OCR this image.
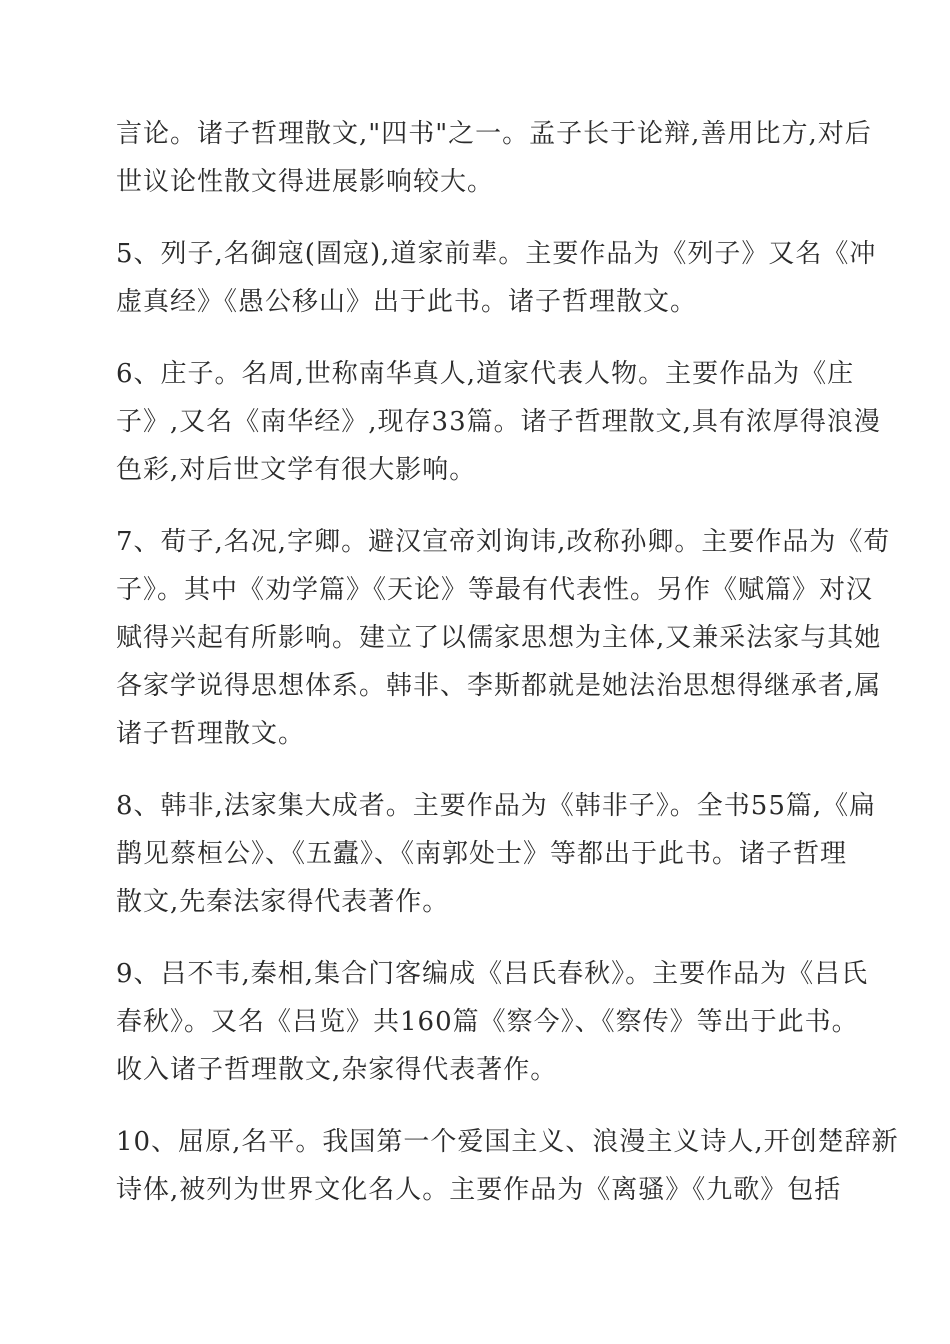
言论。诸子哲理散文,"四书"之一。孟子长于论辩,善用比方,对后
世议论性散文得进展影响较大。

5、列子,名御寇(圄寇),道家前辈。主要作品为《列子》又名《冲
虚真经》《愚公移山》出于此书。诸子哲理散文。

6、庄子。名周,世称南华真人,道家代表人物。主要作品为《庄
子》,又名《南华经》,现存33篇。诸子哲理散文,具有浓厚得浪漫
色彩,对后世文学有很大影响。

7、荀子,名况,字卿。避汉宣帝刘询讳,改称孙卿。主要作品为《荀
子》。其中《劝学篇》《天论》等最有代表性。另作《赋篇》对汉
赋得兴起有所影响。建立了以儒家思想为主体,又兼采法家与其她
各家学说得思想体系。韩非、李斯都就是她法治思想得继承者,属
诸子哲理散文。

8、韩非,法家集大成者。主要作品为《韩非子》。全书55篇,《扁
鹊见蔡桓公》、《五蠹》、《南郭处士》等都出于此书。诸子哲理
散文,先秦法家得代表著作。

9、吕不韦,秦相,集合门客编成《吕氏春秋》。主要作品为《吕氏
春秋》。又名《吕览》共160篇《察今》、《察传》等出于此书。
收入诸子哲理散文,杂家得代表著作。

10、屈原,名平。我国第一个爱国主义、浪漫主义诗人,开创楚辞新
诗体,被列为世界文化名人。主要作品为《离骚》《九歌》包括
